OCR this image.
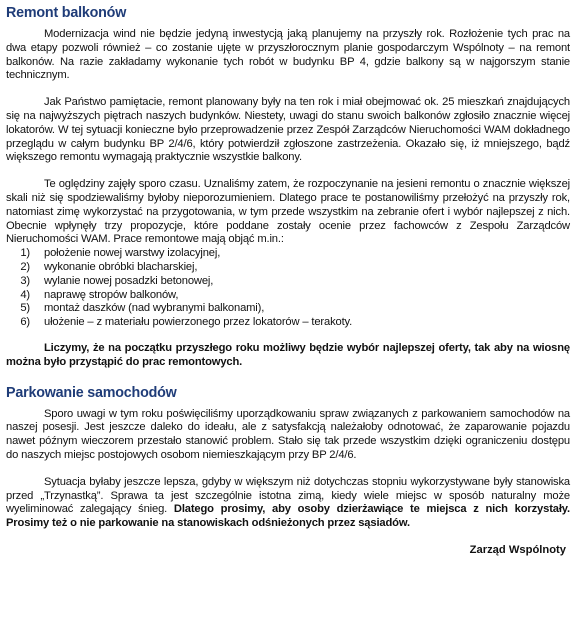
Remont balkonów

Modernizacja wind nie będzie jedyną inwestycją jaką planujemy na przyszły rok. Rozłożenie tych prac na dwa etapy pozwoli również – co zostanie ujęte w przyszłorocznym planie gospodarczym Wspólnoty – na remont balkonów. Na razie zakładamy wykonanie tych robót w budynku BP 4, gdzie balkony są w najgorszym stanie technicznym.

Jak Państwo pamiętacie, remont planowany były na ten rok i miał obejmować ok. 25 mieszkań znajdujących się na najwyższych piętrach naszych budynków. Niestety, uwagi do stanu swoich balkonów zgłosiło znacznie więcej lokatorów. W tej sytuacji konieczne było przeprowadzenie przez Zespół Zarządców Nieruchomości WAM dokładnego przeglądu w całym budynku BP 2/4/6, który potwierdził zgłoszone zastrzeżenia. Okazało się, iż mniejszego, bądź większego remontu wymagają praktycznie wszystkie balkony.

Te oględziny zajęły sporo czasu. Uznaliśmy zatem, że rozpoczynanie na jesieni remontu o znacznie większej skali niż się spodziewaliśmy byłoby nieporozumieniem. Dlatego prace te postanowiliśmy przełożyć na przyszły rok, natomiast zimę wykorzystać na przygotowania, w tym przede wszystkim na zebranie ofert i wybór najlepszej z nich. Obecnie wpłynęły trzy propozycje, które poddane zostały ocenie przez fachowców z Zespołu Zarządców Nieruchomości WAM. Prace remontowe mają objąć m.in.:

1)	położenie nowej warstwy izolacyjnej,
2)	wykonanie obróbki blacharskiej,
3)	wylanie nowej posadzki betonowej,
4)	naprawę stropów balkonów,
5)	montaż daszków (nad wybranymi balkonami),
6)	ułożenie – z materiału powierzonego przez lokatorów – terakoty.

Liczymy, że na początku przyszłego roku możliwy będzie wybór najlepszej oferty, tak aby na wiosnę można było przystąpić do prac remontowych.

Parkowanie samochodów

Sporo uwagi w tym roku poświęciliśmy uporządkowaniu spraw związanych z parkowaniem samochodów na naszej posesji. Jest jeszcze daleko do ideału, ale z satysfakcją należałoby odnotować, że zaparowanie pojazdu nawet późnym wieczorem przestało stanowić problem. Stało się tak przede wszystkim dzięki ograniczeniu dostępu do naszych miejsc postojowych osobom niemieszkającym przy BP 2/4/6.

Sytuacja byłaby jeszcze lepsza, gdyby w większym niż dotychczas stopniu wykorzystywane były stanowiska przed „Trzynastką”. Sprawa ta jest szczególnie istotna zimą, kiedy wiele miejsc w sposób naturalny może wyeliminować zalegający śnieg. Dlatego prosimy, aby osoby dzierżawiące te miejsca z nich korzystały. Prosimy też o nie parkowanie na stanowiskach odśnieżonych przez sąsiadów.

Zarząd Wspólnoty
